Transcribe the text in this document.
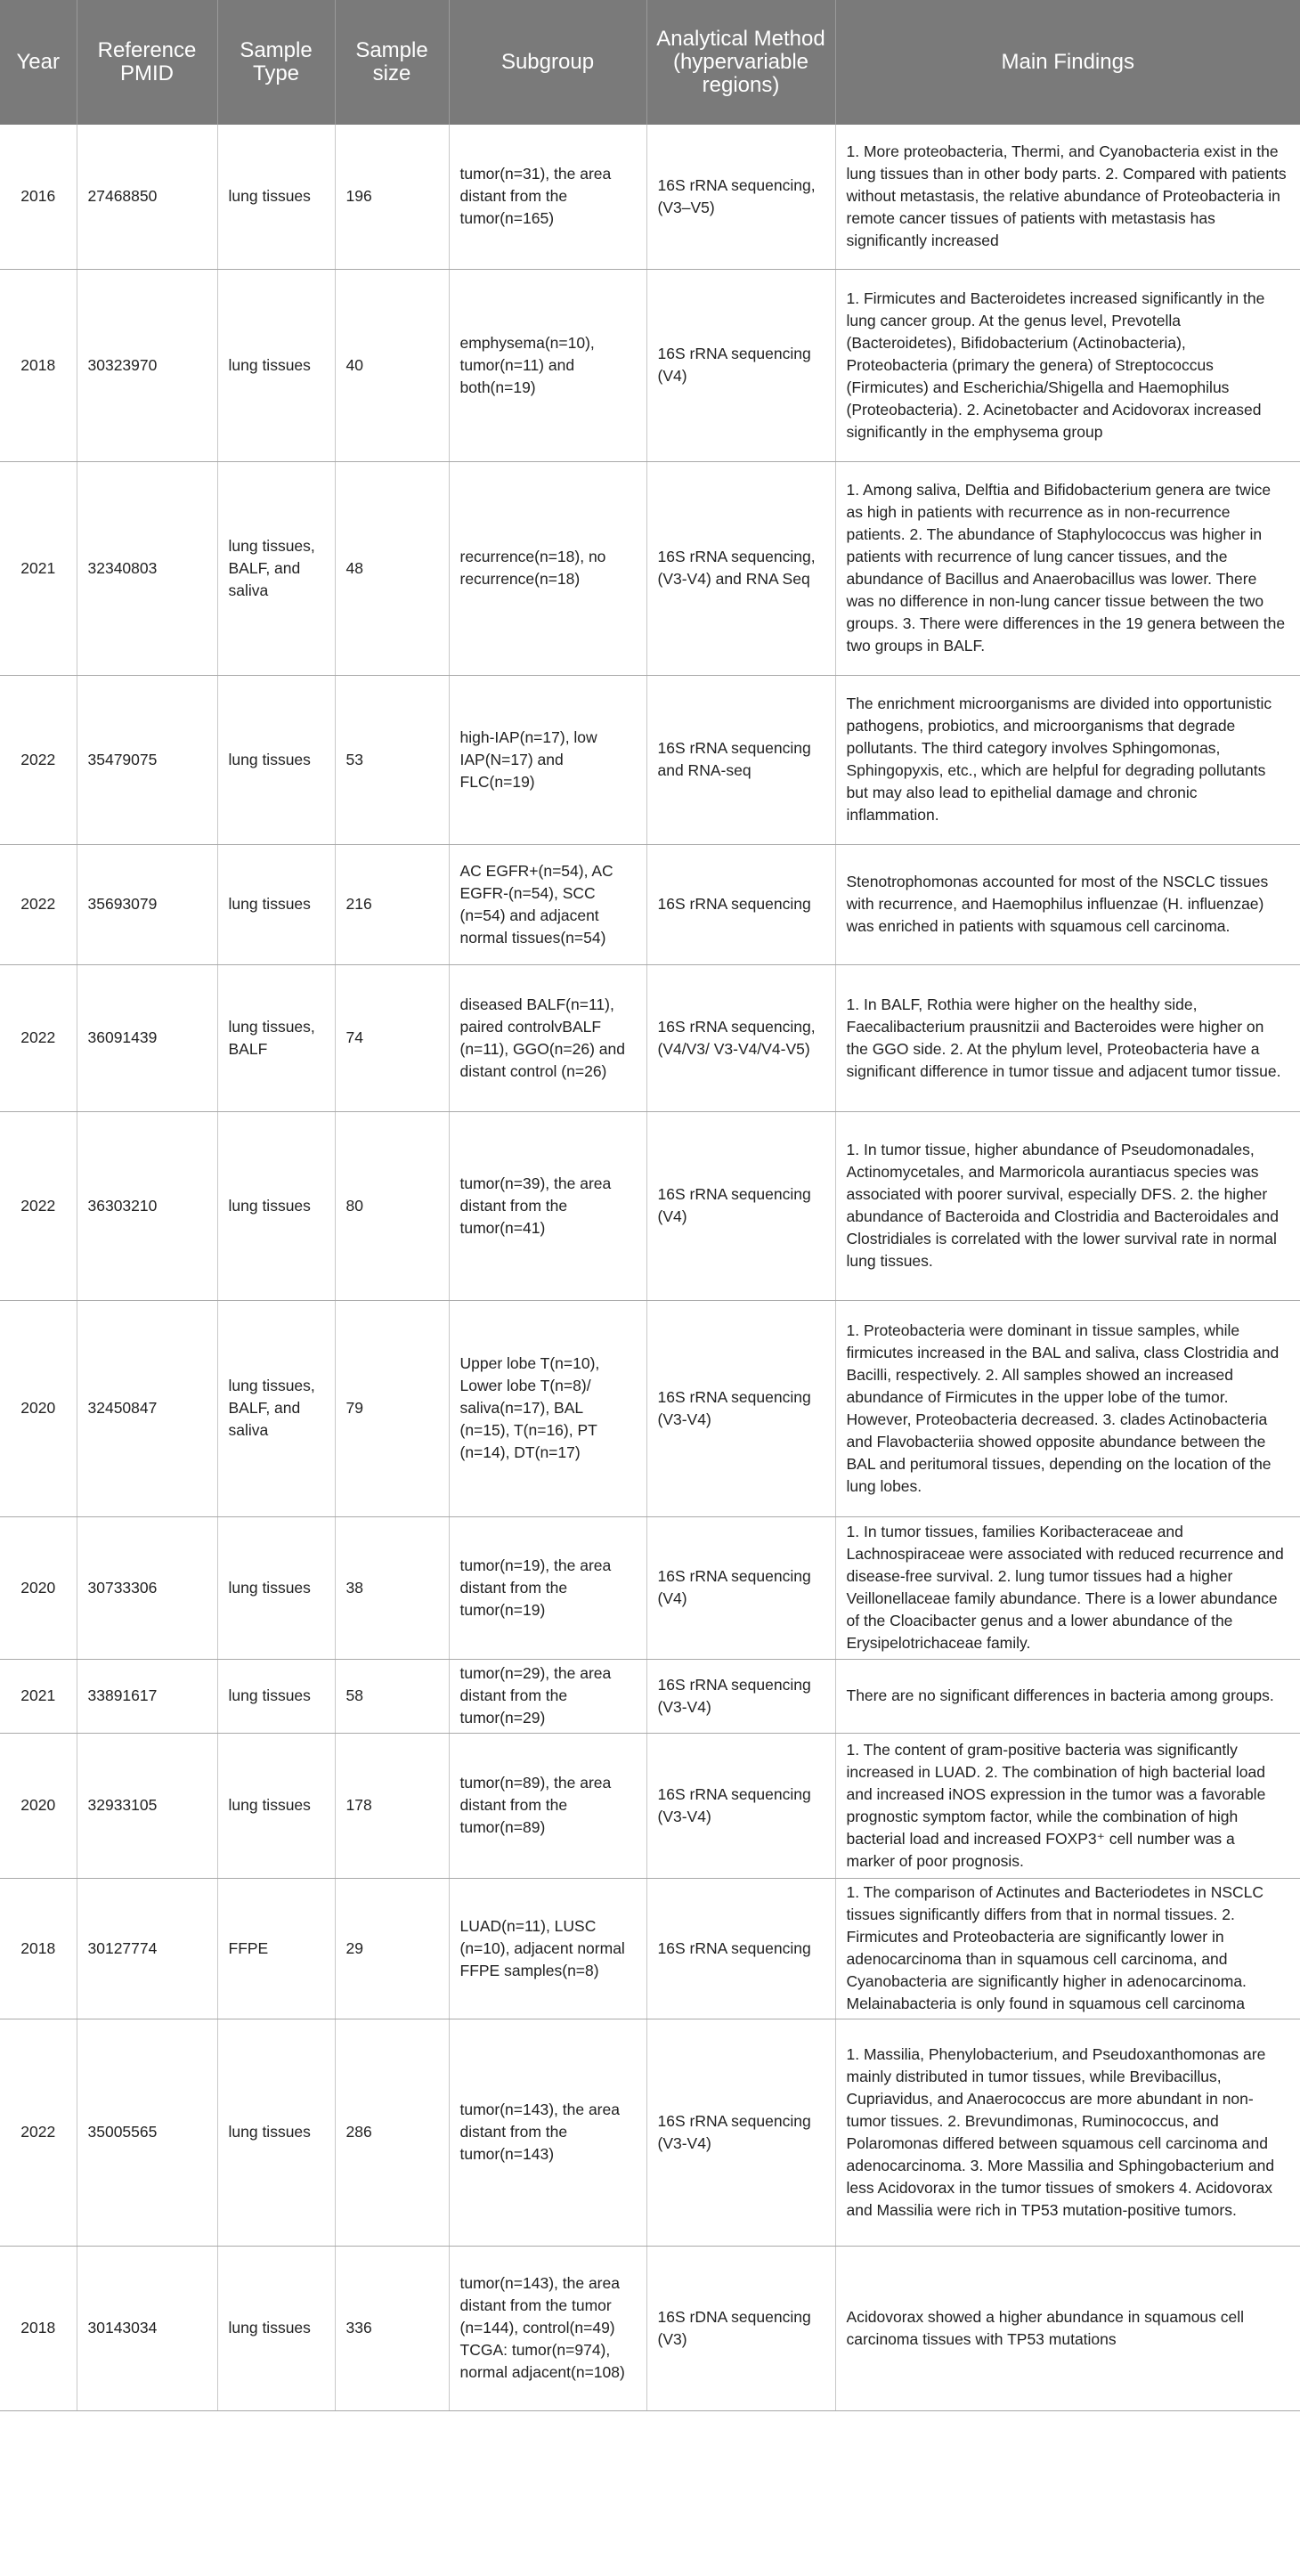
Year	Reference PMID	Sample Type	Sample size	Subgroup	Analytical Method (hypervariable regions)	Main Findings
2016	27468850	lung tissues	196	tumor(n=31), the area distant from the tumor(n=165)	16S rRNA sequencing, (V3–V5)	1. More proteobacteria, Thermi, and Cyanobacteria exist in the lung tissues than in other body parts. 2. Compared with patients without metastasis, the relative abundance of Proteobacteria in remote cancer tissues of patients with metastasis has significantly increased
2018	30323970	lung tissues	40	emphysema(n=10), tumor(n=11) and both(n=19)	16S rRNA sequencing (V4)	1. Firmicutes and Bacteroidetes increased significantly in the lung cancer group. At the genus level, Prevotella (Bacteroidetes), Bifidobacterium (Actinobacteria), Proteobacteria (primary the genera) of Streptococcus (Firmicutes) and Escherichia/Shigella and Haemophilus (Proteobacteria). 2. Acinetobacter and Acidovorax increased significantly in the emphysema group
2021	32340803	lung tissues, BALF, and saliva	48	recurrence(n=18), no recurrence(n=18)	16S rRNA sequencing, (V3-V4) and RNA Seq	1. Among saliva, Delftia and Bifidobacterium genera are twice as high in patients with recurrence as in non-recurrence patients. 2. The abundance of Staphylococcus was higher in patients with recurrence of lung cancer tissues, and the abundance of Bacillus and Anaerobacillus was lower. There was no difference in non-lung cancer tissue between the two groups. 3. There were differences in the 19 genera between the two groups in BALF.
2022	35479075	lung tissues	53	high-IAP(n=17), low IAP(N=17) and FLC(n=19)	16S rRNA sequencing and RNA-seq	The enrichment microorganisms are divided into opportunistic pathogens, probiotics, and microorganisms that degrade pollutants. The third category involves Sphingomonas, Sphingopyxis, etc., which are helpful for degrading pollutants but may also lead to epithelial damage and chronic inflammation.
2022	35693079	lung tissues	216	AC EGFR+(n=54), AC EGFR-(n=54), SCC (n=54) and adjacent normal tissues(n=54)	16S rRNA sequencing	Stenotrophomonas accounted for most of the NSCLC tissues with recurrence, and Haemophilus influenzae (H. influenzae) was enriched in patients with squamous cell carcinoma.
2022	36091439	lung tissues, BALF	74	diseased BALF(n=11), paired controlvBALF (n=11), GGO(n=26) and distant control (n=26)	16S rRNA sequencing, (V4/V3/ V3-V4/V4-V5)	1. In BALF, Rothia were higher on the healthy side, Faecalibacterium prausnitzii and Bacteroides were higher on the GGO side. 2. At the phylum level, Proteobacteria have a significant difference in tumor tissue and adjacent tumor tissue.
2022	36303210	lung tissues	80	tumor(n=39), the area distant from the tumor(n=41)	16S rRNA sequencing (V4)	1. In tumor tissue, higher abundance of Pseudomonadales, Actinomycetales, and Marmoricola aurantiacus species was associated with poorer survival, especially DFS. 2. the higher abundance of Bacteroida and Clostridia and Bacteroidales and Clostridiales is correlated with the lower survival rate in normal lung tissues.
2020	32450847	lung tissues, BALF, and saliva	79	Upper lobe T(n=10), Lower lobe T(n=8)/ saliva(n=17), BAL (n=15), T(n=16), PT (n=14), DT(n=17)	16S rRNA sequencing (V3-V4)	1. Proteobacteria were dominant in tissue samples, while firmicutes increased in the BAL and saliva, class Clostridia and Bacilli, respectively. 2. All samples showed an increased abundance of Firmicutes in the upper lobe of the tumor. However, Proteobacteria decreased. 3. clades Actinobacteria and Flavobacteriia showed opposite abundance between the BAL and peritumoral tissues, depending on the location of the lung lobes.
2020	30733306	lung tissues	38	tumor(n=19), the area distant from the tumor(n=19)	16S rRNA sequencing (V4)	1. In tumor tissues, families Koribacteraceae and Lachnospiraceae were associated with reduced recurrence and disease-free survival. 2. lung tumor tissues had a higher Veillonellaceae family abundance. There is a lower abundance of the Cloacibacter genus and a lower abundance of the Erysipelotrichaceae family.
2021	33891617	lung tissues	58	tumor(n=29), the area distant from the tumor(n=29)	16S rRNA sequencing (V3-V4)	There are no significant differences in bacteria among groups.
2020	32933105	lung tissues	178	tumor(n=89), the area distant from the tumor(n=89)	16S rRNA sequencing (V3-V4)	1. The content of gram-positive bacteria was significantly increased in LUAD. 2. The combination of high bacterial load and increased iNOS expression in the tumor was a favorable prognostic symptom factor, while the combination of high bacterial load and increased FOXP3⁺ cell number was a marker of poor prognosis.
2018	30127774	FFPE	29	LUAD(n=11), LUSC (n=10), adjacent normal FFPE samples(n=8)	16S rRNA sequencing	1. The comparison of Actinutes and Bacteriodetes in NSCLC tissues significantly differs from that in normal tissues. 2. Firmicutes and Proteobacteria are significantly lower in adenocarcinoma than in squamous cell carcinoma, and Cyanobacteria are significantly higher in adenocarcinoma. Melainabacteria is only found in squamous cell carcinoma
2022	35005565	lung tissues	286	tumor(n=143), the area distant from the tumor(n=143)	16S rRNA sequencing (V3-V4)	1. Massilia, Phenylobacterium, and Pseudoxanthomonas are mainly distributed in tumor tissues, while Brevibacillus, Cupriavidus, and Anaerococcus are more abundant in non-tumor tissues. 2. Brevundimonas, Ruminococcus, and Polaromonas differed between squamous cell carcinoma and adenocarcinoma. 3. More Massilia and Sphingobacterium and less Acidovorax in the tumor tissues of smokers 4. Acidovorax and Massilia were rich in TP53 mutation-positive tumors.
2018	30143034	lung tissues	336	tumor(n=143), the area distant from the tumor (n=144), control(n=49) TCGA: tumor(n=974), normal adjacent(n=108)	16S rDNA sequencing (V3)	Acidovorax showed a higher abundance in squamous cell carcinoma tissues with TP53 mutations
